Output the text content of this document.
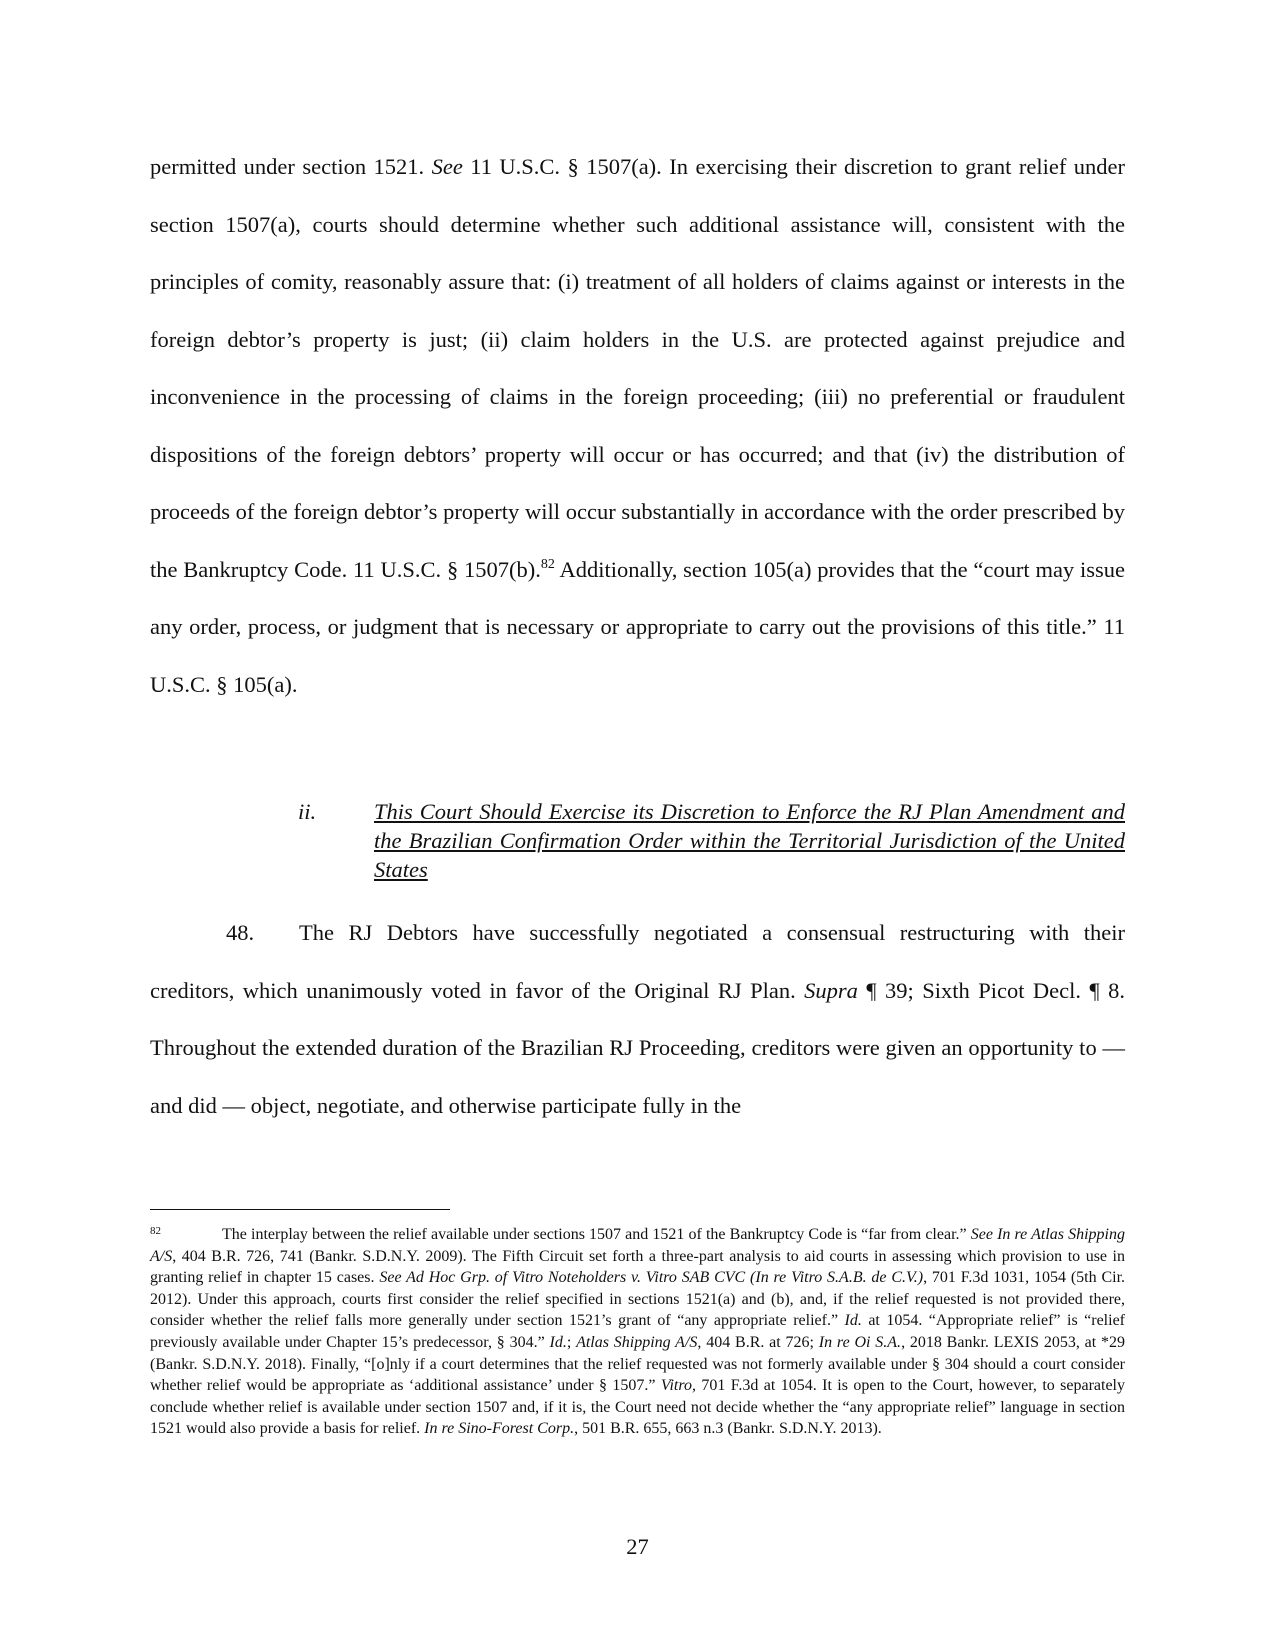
permitted under section 1521. See 11 U.S.C. § 1507(a). In exercising their discretion to grant relief under section 1507(a), courts should determine whether such additional assistance will, consistent with the principles of comity, reasonably assure that: (i) treatment of all holders of claims against or interests in the foreign debtor’s property is just; (ii) claim holders in the U.S. are protected against prejudice and inconvenience in the processing of claims in the foreign proceeding; (iii) no preferential or fraudulent dispositions of the foreign debtors’ property will occur or has occurred; and that (iv) the distribution of proceeds of the foreign debtor’s property will occur substantially in accordance with the order prescribed by the Bankruptcy Code. 11 U.S.C. § 1507(b).$^{82}$ Additionally, section 105(a) provides that the “court may issue any order, process, or judgment that is necessary or appropriate to carry out the provisions of this title.” 11 U.S.C. § 105(a).

ii.	This Court Should Exercise its Discretion to Enforce the RJ Plan Amendment and the Brazilian Confirmation Order within the Territorial Jurisdiction of the United States

48. The RJ Debtors have successfully negotiated a consensual restructuring with their creditors, which unanimously voted in favor of the Original RJ Plan. Supra ¶ 39; Sixth Picot Decl. ¶ 8. Throughout the extended duration of the Brazilian RJ Proceeding, creditors were given an opportunity to — and did — object, negotiate, and otherwise participate fully in the

82	The interplay between the relief available under sections 1507 and 1521 of the Bankruptcy Code is “far from clear.” See In re Atlas Shipping A/S, 404 B.R. 726, 741 (Bankr. S.D.N.Y. 2009). The Fifth Circuit set forth a three-part analysis to aid courts in assessing which provision to use in granting relief in chapter 15 cases. See Ad Hoc Grp. of Vitro Noteholders v. Vitro SAB CVC (In re Vitro S.A.B. de C.V.), 701 F.3d 1031, 1054 (5th Cir. 2012). Under this approach, courts first consider the relief specified in sections 1521(a) and (b), and, if the relief requested is not provided there, consider whether the relief falls more generally under section 1521’s grant of “any appropriate relief.” Id. at 1054. “Appropriate relief” is “relief previously available under Chapter 15’s predecessor, § 304.” Id.; Atlas Shipping A/S, 404 B.R. at 726; In re Oi S.A., 2018 Bankr. LEXIS 2053, at *29 (Bankr. S.D.N.Y. 2018). Finally, “[o]nly if a court determines that the relief requested was not formerly available under § 304 should a court consider whether relief would be appropriate as ‘additional assistance’ under § 1507.” Vitro, 701 F.3d at 1054. It is open to the Court, however, to separately conclude whether relief is available under section 1507 and, if it is, the Court need not decide whether the “any appropriate relief” language in section 1521 would also provide a basis for relief. In re Sino-Forest Corp., 501 B.R. 655, 663 n.3 (Bankr. S.D.N.Y. 2013).

27
